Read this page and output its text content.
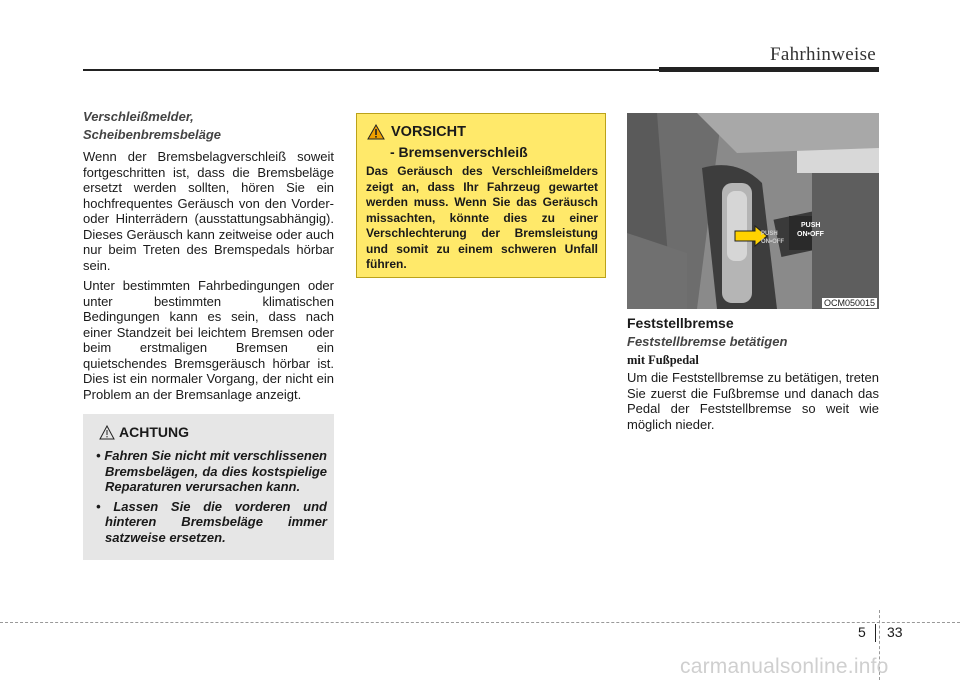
Fahrhinweise

Verschleißmelder,
Scheibenbremsbeläge

Wenn der Bremsbelagverschleiß soweit fortgeschritten ist, dass die Bremsbeläge ersetzt werden sollten, hören Sie ein hochfrequentes Geräusch von den Vorder- oder Hinterrädern (ausstattungsabhängig). Dieses Geräusch kann zeitweise oder auch nur beim Treten des Bremspedals hörbar sein.

Unter bestimmten Fahrbedingungen oder unter bestimmten klimatischen Bedingungen kann es sein, dass nach einer Standzeit bei leichtem Bremsen oder beim erstmaligen Bremsen ein quietschendes Bremsgeräusch hörbar ist. Dies ist ein normaler Vorgang, der nicht ein Problem an der Bremsanlage anzeigt.

ACHTUNG
• Fahren Sie nicht mit verschlissenen Bremsbelägen, da dies kostspielige Reparaturen verursachen kann.
• Lassen Sie die vorderen und hinteren Bremsbeläge immer satzweise ersetzen.
VORSICHT
- Bremsenverschleiß
Das Geräusch des Verschleißmelders zeigt an, dass Ihr Fahrzeug gewartet werden muss. Wenn Sie das Geräusch missachten, könnte dies zu einer Verschlechterung der Bremsleistung und somit zu einem schweren Unfall führen.
PUSH
ON•OFF
PUSH
ON•OFF
OCM050015
Feststellbremse
Feststellbremse betätigen
mit Fußpedal
Um die Feststellbremse zu betätigen, treten Sie zuerst die Fußbremse und danach das Pedal der Feststellbremse so weit wie möglich nieder.
5 33
carmanualsonline.info
